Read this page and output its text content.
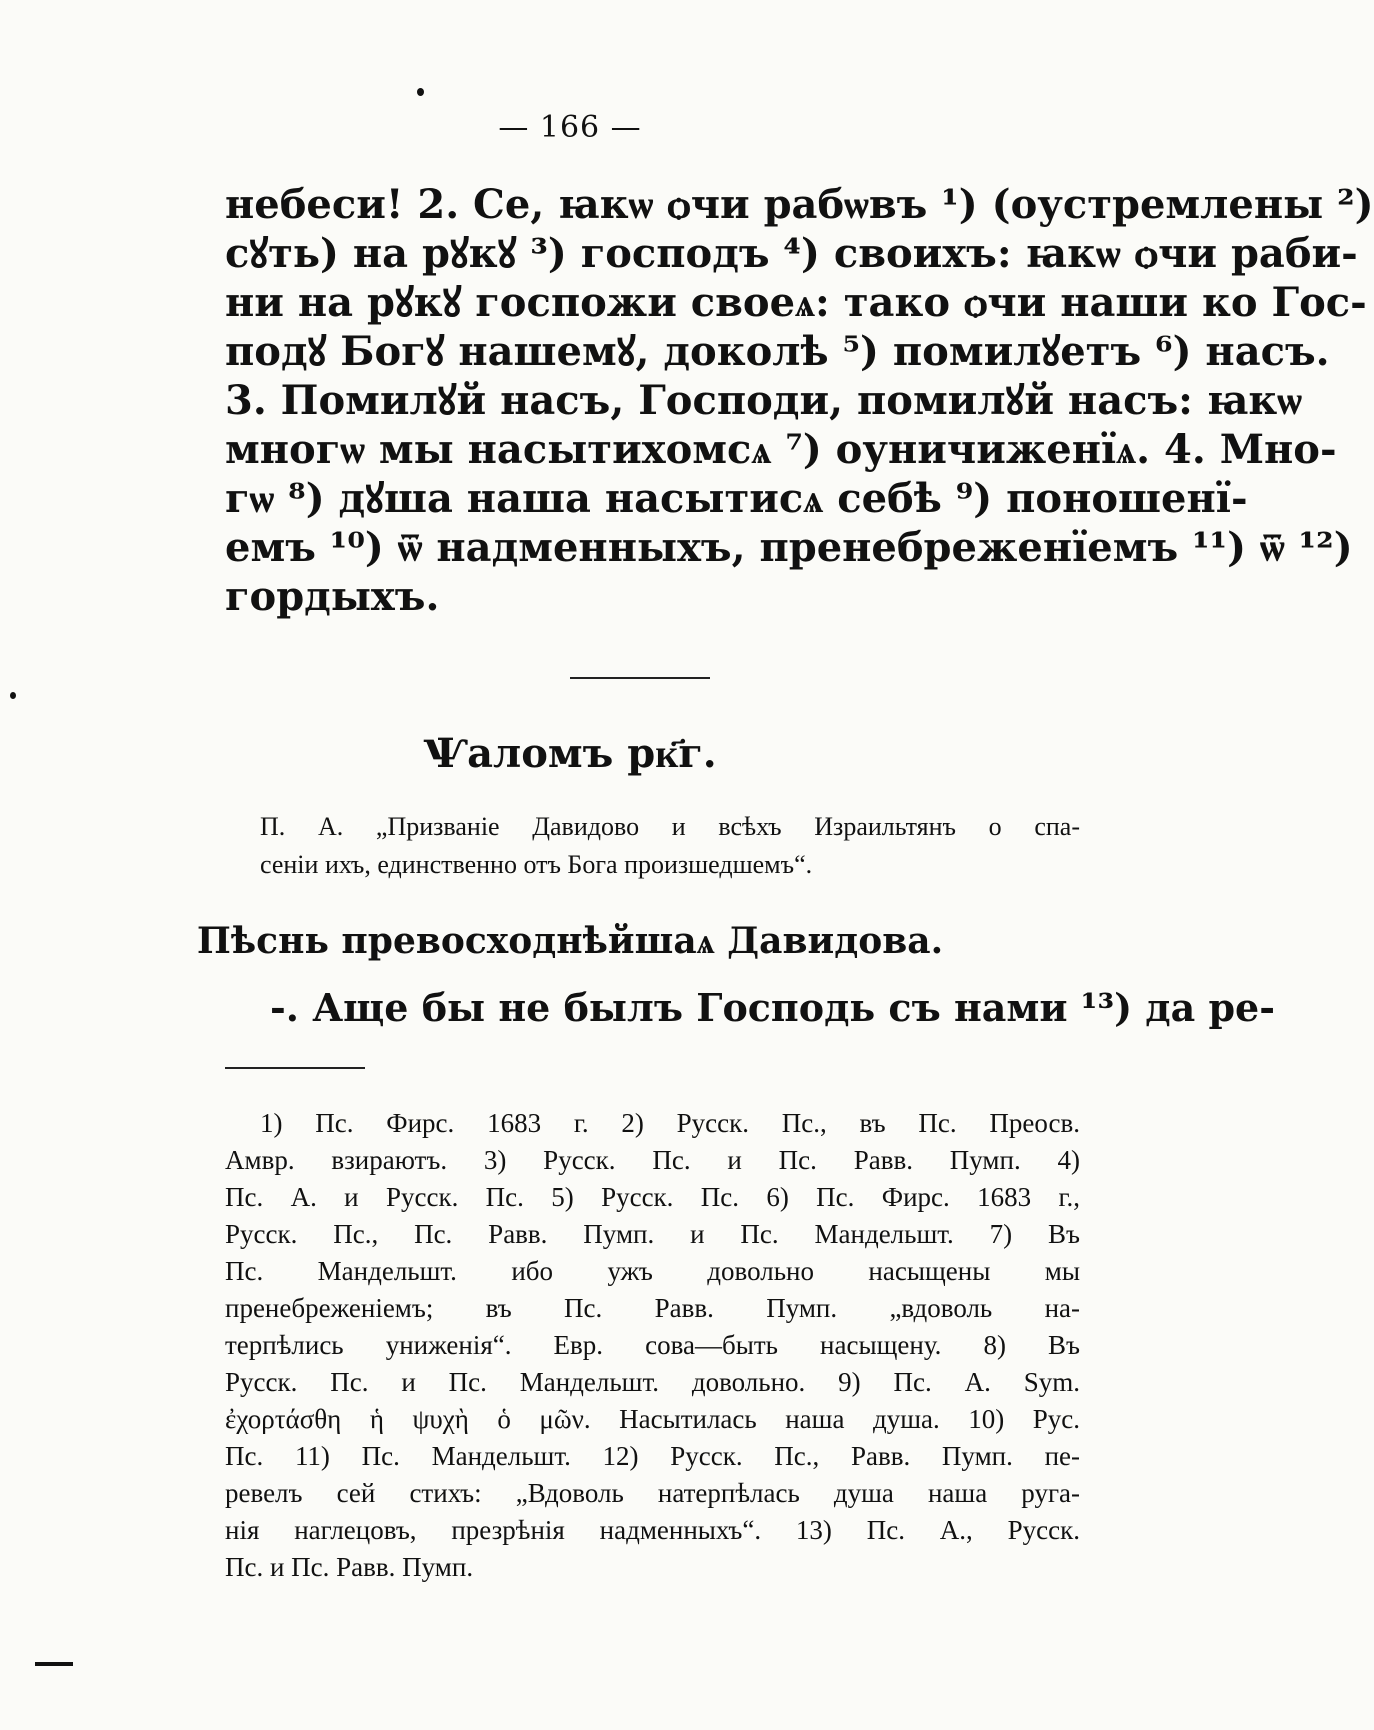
— 166 —
небеси! 2. Се, ꙗкѡ ѻчи рабѡвъ ¹) (оустремлены ²)
сꙋть) на рꙋкꙋ ³) господъ ⁴) своихъ: ꙗкѡ ѻчи раби-
ни на рꙋкꙋ госпожи своеѧ: тако ѻчи наши ко Гос-
подꙋ Богꙋ нашемꙋ, доколѣ ⁵) помилꙋетъ ⁶) насъ.
3. Помилꙋй насъ, Господи, помилꙋй насъ: ꙗкѡ
многѡ мы насытихомсѧ ⁷) оуничиженїѧ. 4. Мно-
гѡ ⁸) дꙋша наша насытисѧ себѣ ⁹) поношенї-
емъ ¹⁰) ѿ надменныхъ, пренебреженїемъ ¹¹) ѿ ¹²)
гордыхъ.
Ѱаломъ рк҃г.
П. А. „Призванiе Давидово и всѣхъ Израильтянъ о спа-
сенiи ихъ, единственно отъ Бога произшедшемъ“.
Пѣснь превосходнѣйшаѧ Давидова.
-. Аще бы не былъ Господь съ нами ¹³) да ре-
1) Пс. Фирс. 1683 г. 2) Русск. Пс., въ Пс. Преосв.
Амвр. взираютъ. 3) Русск. Пс. и Пс. Равв. Пумп. 4)
Пс. А. и Русск. Пс. 5) Русск. Пс. 6) Пс. Фирс. 1683 г.,
Русск. Пс., Пс. Равв. Пумп. и Пс. Мандельшт. 7) Въ
Пс. Мандельшт. ибо ужъ довольно насыщены мы
пренебреженiемъ; въ Пс. Равв. Пумп. „вдоволь на-
терпѣлись униженiя“. Евр. сова—быть насыщену. 8) Въ
Русск. Пс. и Пс. Мандельшт. довольно. 9) Пс. А. Sym.
ἐχορτάσθη ἡ ψυχὴ ὁ μῶν. Насытилась наша душа. 10) Рус.
Пс. 11) Пс. Мандельшт. 12) Русск. Пс., Равв. Пумп. пе-
ревелъ сей стихъ: „Вдоволь натерпѣлась душа наша руга-
нiя наглецовъ, презрѣнiя надменныхъ“. 13) Пс. А., Русск.
Пс. и Пс. Равв. Пумп.
